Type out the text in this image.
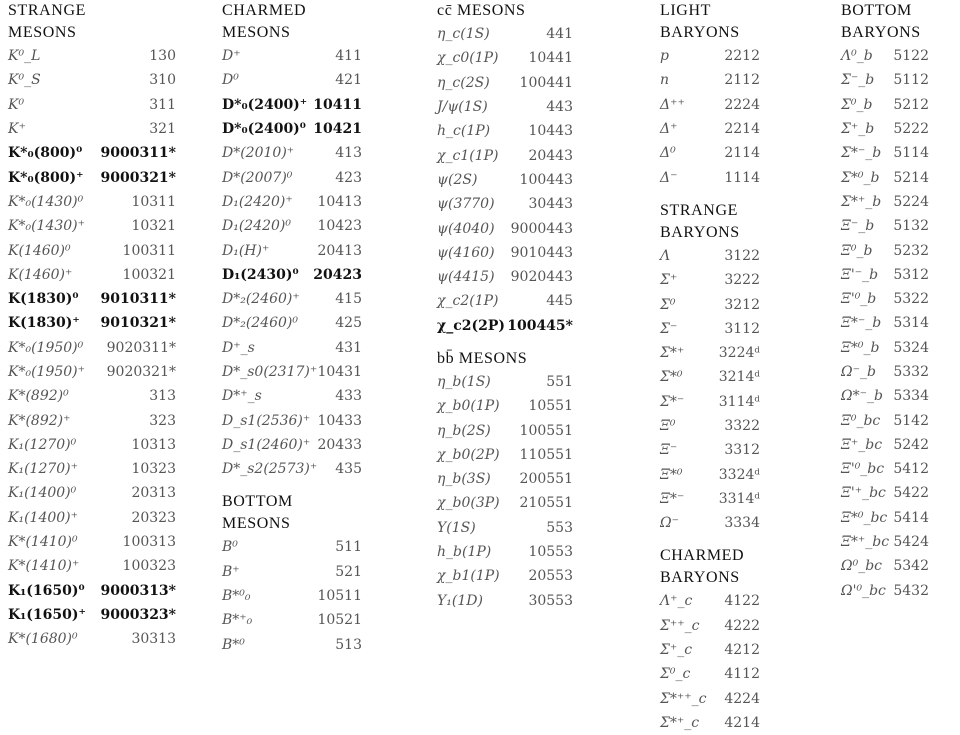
STRANGE
MESONS
K⁰_L	130
K⁰_S	310
K⁰	311
K⁺	321
K*₀(800)⁰ 9000311*
K*₀(800)⁺ 9000321*
K*₀(1430)⁰	10311
K*₀(1430)⁺	10321
K(1460)⁰	100311
K(1460)⁺	100321
K(1830)⁰ 9010311*
K(1830)⁺ 9010321*
K*₀(1950)⁰ 9020311*
K*₀(1950)⁺ 9020321*
K*(892)⁰	313
K*(892)⁺	323
K₁(1270)⁰	10313
K₁(1270)⁺	10323
K₁(1400)⁰	20313
K₁(1400)⁺	20323
K*(1410)⁰	100313
K*(1410)⁺	100323
K₁(1650)⁰ 9000313*
K₁(1650)⁺ 9000323*
K*(1680)⁰	30313
CHARMED
MESONS
D⁺	411
D⁰	421
D*₀(2400)⁺ 10411
D*₀(2400)⁰ 10421
D*(2010)⁺	413
D*(2007)⁰	423
D₁(2420)⁺ 10413
D₁(2420)⁰ 10423
D₁(H)⁺	20413
D₁(2430)⁰ 20423
D*₂(2460)⁺	415
D*₂(2460)⁰	425
D⁺_s	431
D*_s0(2317)⁺ 10431
D*⁺_s	433
D_s1(2536)⁺ 10433
D_s1(2460)⁺ 20433
D*_s2(2573)⁺ 435
BOTTOM
MESONS
B⁰	511
B⁺	521
B*⁰₀	10511
B*⁺₀	10521
B*⁰	513
cc̄ MESONS
η_c(1S)	441
χ_c0(1P) 10441
η_c(2S) 100441
J/ψ(1S)	443
h_c(1P)	10443
χ_c1(1P) 20443
ψ(2S)	100443
ψ(3770) 30443
ψ(4040) 9000443
ψ(4160) 9010443
ψ(4415) 9020443
χ_c2(1P)	445
χ_c2(2P) 100445*
bb̄ MESONS
η_b(1S)	551
χ_b0(1P) 10551
η_b(2S) 100551
χ_b0(2P) 110551
η_b(3S) 200551
χ_b0(3P) 210551
Υ(1S)	553
h_b(1P)	10553
χ_b1(1P) 20553
Υ₁(1D)	30553
LIGHT
BARYONS
p	2212
n	2112
Δ⁺⁺	2224
Δ⁺	2214
Δ⁰	2114
Δ⁻	1114
STRANGE
BARYONS
Λ	3122
Σ⁺	3222
Σ⁰	3212
Σ⁻	3112
Σ*⁺ 3224ᵈ
Σ*⁰	3214ᵈ
Σ*⁻ 3114ᵈ
Ξ⁰	3322
Ξ⁻	3312
Ξ*⁰	3324ᵈ
Ξ*⁻ 3314ᵈ
Ω⁻	3334
CHARMED
BARYONS
Λ⁺_c 4122
Σ⁺⁺_c 4222
Σ⁺_c 4212
Σ⁰_c 4112
Σ*⁺⁺_c 4224
Σ*⁺_c 4214
BOTTOM
BARYONS
Λ⁰_b 5122
Σ⁻_b 5112
Σ⁰_b 5212
Σ⁺_b 5222
Σ*⁻_b 5114
Σ*⁰_b 5214
Σ*⁺_b 5224
Ξ⁻_b 5132
Ξ⁰_b 5232
Ξ'⁻_b 5312
Ξ'⁰_b 5322
Ξ*⁻_b 5314
Ξ*⁰_b 5324
Ω⁻_b 5332
Ω*⁻_b 5334
Ξ⁰_bc 5142
Ξ⁺_bc 5242
Ξ'⁰_bc 5412
Ξ'⁺_bc 5422
Ξ*⁰_bc 5414
Ξ*⁺_bc 5424
Ω⁰_bc 5342
Ω'⁰_bc 5432
